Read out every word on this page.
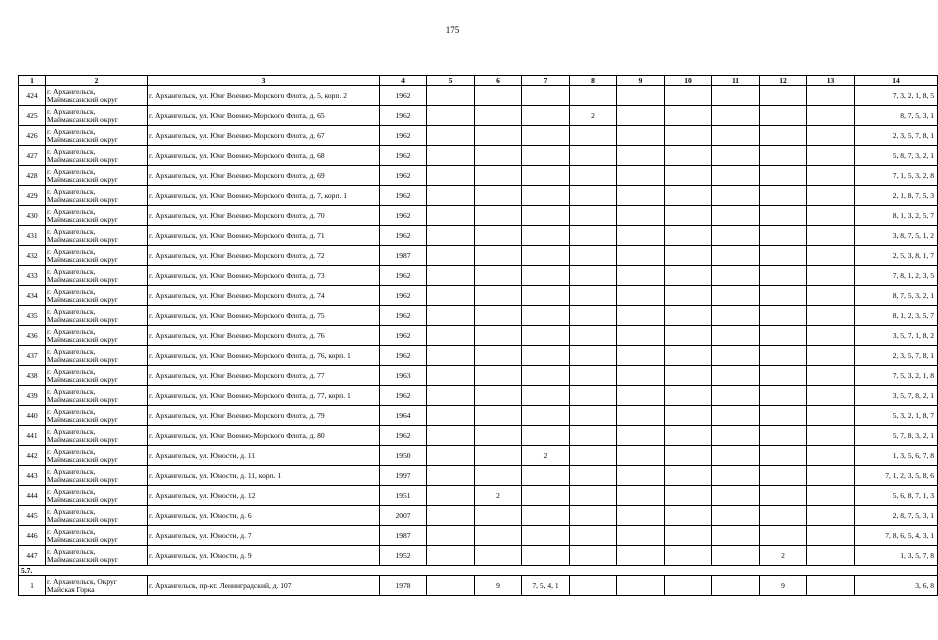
175
1	2	3	4	5	6	7	8	9	10	11	12	13	14
424	г. Архангельск, Маймаксанский округ	г. Архангельск, ул. Юнг Военно-Морского Флота, д. 5, корп. 2	1962										7, 3, 2, 1, 8, 5
425	г. Архангельск, Маймаксанский округ	г. Архангельск, ул. Юнг Военно-Морского Флота, д. 65	1962				2						8, 7, 5, 3, 1
426	г. Архангельск, Маймаксанский округ	г. Архангельск, ул. Юнг Военно-Морского Флота, д. 67	1962										2, 3, 5, 7, 8, 1
427	г. Архангельск, Маймаксанский округ	г. Архангельск, ул. Юнг Военно-Морского Флота, д. 68	1962										5, 8, 7, 3, 2, 1
428	г. Архангельск, Маймаксанский округ	г. Архангельск, ул. Юнг Военно-Морского Флота, д. 69	1962										7, 1, 5, 3, 2, 8
429	г. Архангельск, Маймаксанский округ	г. Архангельск, ул. Юнг Военно-Морского Флота, д. 7, корп. 1	1962										2, 1, 8, 7, 5, 3
430	г. Архангельск, Маймаксанский округ	г. Архангельск, ул. Юнг Военно-Морского Флота, д. 70	1962										8, 1, 3, 2, 5, 7
431	г. Архангельск, Маймаксанский округ	г. Архангельск, ул. Юнг Военно-Морского Флота, д. 71	1962										3, 8, 7, 5, 1, 2
432	г. Архангельск, Маймаксанский округ	г. Архангельск, ул. Юнг Военно-Морского Флота, д. 72	1987										2, 5, 3, 8, 1, 7
433	г. Архангельск, Маймаксанский округ	г. Архангельск, ул. Юнг Военно-Морского Флота, д. 73	1962										7, 8, 1, 2, 3, 5
434	г. Архангельск, Маймаксанский округ	г. Архангельск, ул. Юнг Военно-Морского Флота, д. 74	1962										8, 7, 5, 3, 2, 1
435	г. Архангельск, Маймаксанский округ	г. Архангельск, ул. Юнг Военно-Морского Флота, д. 75	1962										8, 1, 2, 3, 5, 7
436	г. Архангельск, Маймаксанский округ	г. Архангельск, ул. Юнг Военно-Морского Флота, д. 76	1962										3, 5, 7, 1, 8, 2
437	г. Архангельск, Маймаксанский округ	г. Архангельск, ул. Юнг Военно-Морского Флота, д. 76, корп. 1	1962										2, 3, 5, 7, 8, 1
438	г. Архангельск, Маймаксанский округ	г. Архангельск, ул. Юнг Военно-Морского Флота, д. 77	1963										7, 5, 3, 2, 1, 8
439	г. Архангельск, Маймаксанский округ	г. Архангельск, ул. Юнг Военно-Морского Флота, д. 77, корп. 1	1962										3, 5, 7, 8, 2, 1
440	г. Архангельск, Маймаксанский округ	г. Архангельск, ул. Юнг Военно-Морского Флота, д. 79	1964										5, 3, 2, 1, 8, 7
441	г. Архангельск, Маймаксанский округ	г. Архангельск, ул. Юнг Военно-Морского Флота, д. 80	1962										5, 7, 8, 3, 2, 1
442	г. Архангельск, Маймаксанский округ	г. Архангельск, ул. Юности, д. 11	1950			2							1, 3, 5, 6, 7, 8
443	г. Архангельск, Маймаксанский округ	г. Архангельск, ул. Юности, д. 11, корп. 1	1997										7, 1, 2, 3, 5, 8, 6
444	г. Архангельск, Маймаксанский округ	г. Архангельск, ул. Юности, д. 12	1951		2								5, 6, 8, 7, 1, 3
445	г. Архангельск, Маймаксанский округ	г. Архангельск, ул. Юности, д. 6	2007										2, 8, 7, 5, 3, 1
446	г. Архангельск, Маймаксанский округ	г. Архангельск, ул. Юности, д. 7	1987										7, 8, 6, 5, 4, 3, 1
447	г. Архангельск, Маймаксанский округ	г. Архангельск, ул. Юности, д. 9	1952								2		1, 3, 5, 7, 8
5.7.													
1	г. Архангельск, Округ Майская Горка	г. Архангельск, пр-кт. Ленинградский, д. 107	1978		9	7, 5, 4, 1					9		3, 6, 8
